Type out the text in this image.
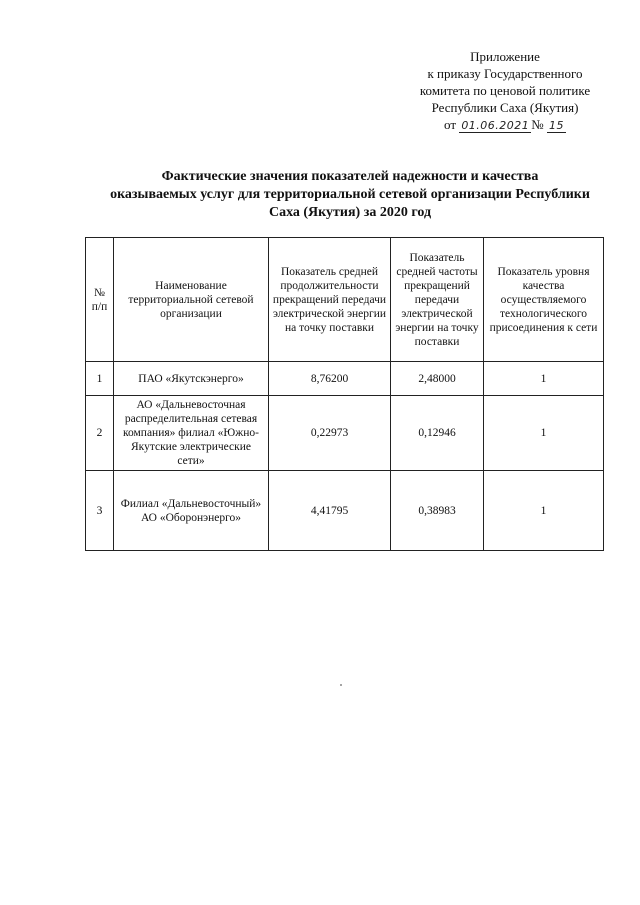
Приложение
к приказу Государственного
комитета по ценовой политике
Республики Саха (Якутия)
от 01.06.2021 № 15
Фактические значения показателей надежности и качества
оказываемых услуг для территориальной сетевой организации Республики
Саха (Якутия) за 2020 год
№ п/п	Наименование территориальной сетевой организации	Показатель средней продолжительности прекращений передачи электрической энергии на точку поставки	Показатель средней частоты прекращений передачи электрической энергии на точку поставки	Показатель уровня качества осуществляемого технологического присоединения к сети
1	ПАО «Якутскэнерго»	8,76200	2,48000	1
2	АО «Дальневосточная распределительная сетевая компания» филиал «Южно-Якутские электрические сети»	0,22973	0,12946	1
3	Филиал «Дальневосточный» АО «Оборонэнерго»	4,41795	0,38983	1
